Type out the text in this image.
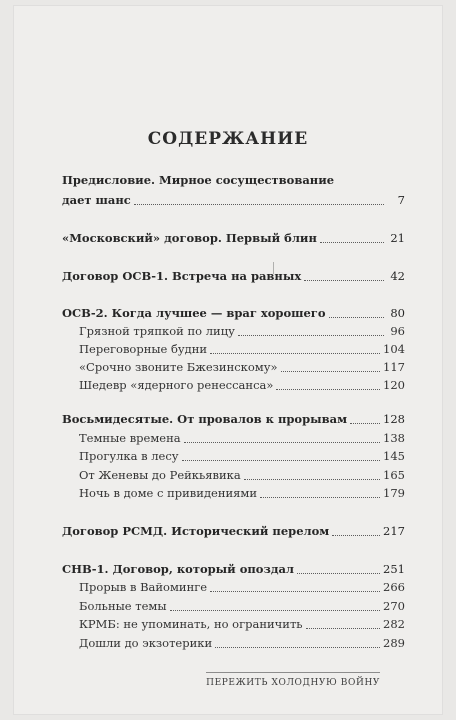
СОДЕРЖАНИЕ
Предисловие. Мирное сосуществование
дает шанс	7
«Московский» договор. Первый блин	21
Договор ОСВ-1. Встреча на равных	42
ОСВ-2. Когда лучшее — враг хорошего	80
Грязной тряпкой по лицу	96
Переговорные будни	104
«Срочно звоните Бжезинскому»	117
Шедевр «ядерного ренессанса»	120
Восьмидесятые. От провалов к прорывам	128
Темные времена	138
Прогулка в лесу	145
От Женевы до Рейкьявика	165
Ночь в доме с привидениями	179
Договор РСМД. Исторический перелом	217
СНВ-1. Договор, который опоздал	251
Прорыв в Вайоминге	266
Больные темы	270
КРМБ: не упоминать, но ограничить	282
Дошли до экзотерики	289
ПЕРЕЖИТЬ ХОЛОДНУЮ ВОЙНУ
